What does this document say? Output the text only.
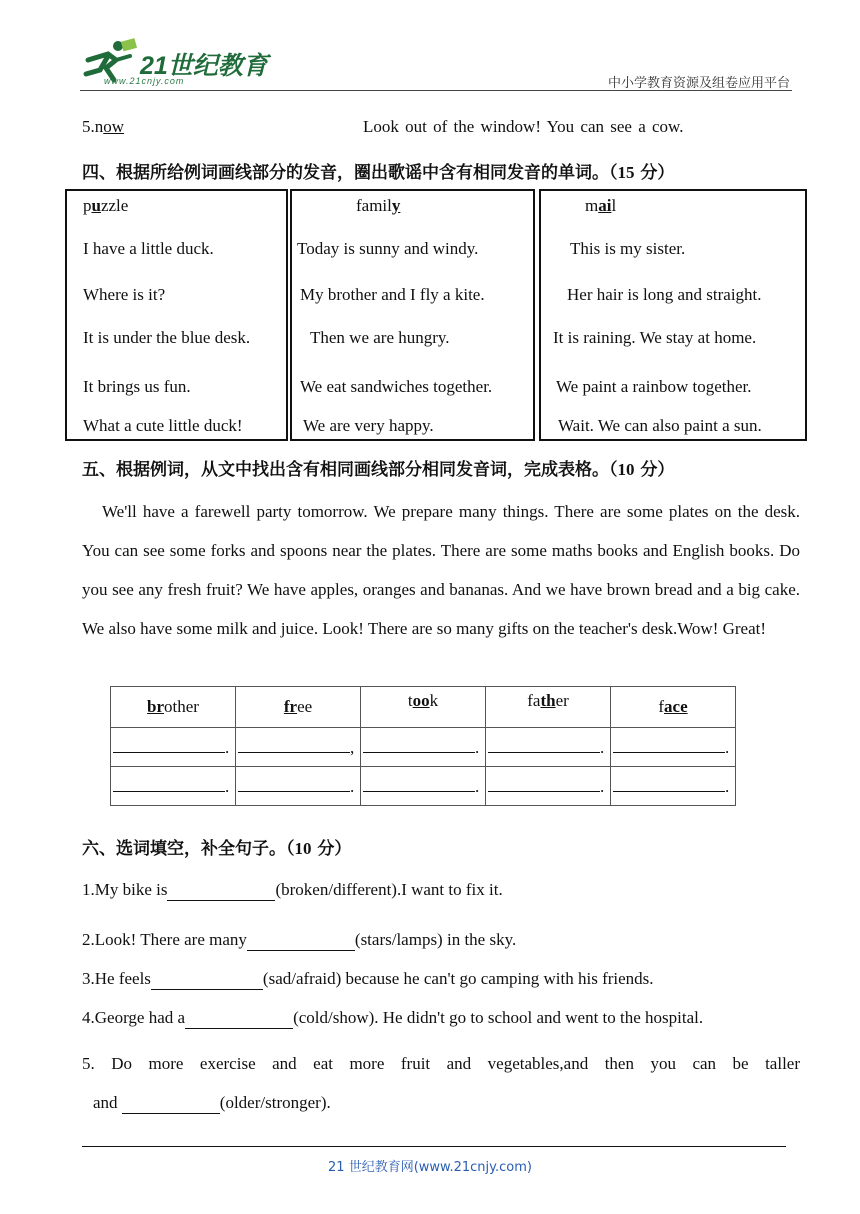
21世纪教育
www.21cnjy.com	中小学教育资源及组卷应用平台
5.now	Look out of the window! You can see a cow.
四、根据所给例词画线部分的发音，圈出歌谣中含有相同发音的单词。（15 分）
puzzle
I have a little duck.
Where is it?
It is under the blue desk.
It brings us fun.
What a cute little duck!
family
Today is sunny and windy.
My brother and I fly a kite.
Then we are hungry.
We eat sandwiches together.
We are very happy.
mail
This is my sister.
Her hair is long and straight.
It is raining. We stay at home.
We paint a rainbow together.
Wait. We can also paint a sun.
五、根据例词，从文中找出含有相同画线部分相同发音词，完成表格。（10 分）
We'll have a farewell party tomorrow. We prepare many things. There are some plates on the desk. You can see some forks and spoons near the plates. There are some maths books and English books. Do you see any fresh fruit? We have apples, oranges and bananas. And we have brown bread and a big cake. We also have some milk and juice. Look! There are so many gifts on the teacher's desk.Wow! Great!
brother	free	took	father	face
.	,	.	.	.
.	.	.	.	.
六、选词填空，补全句子。（10 分）
1.My bike is	(broken/different).I want to fix it.
2.Look! There are many	(stars/lamps) in the sky.
3.He feels	(sad/afraid) because he can't go camping with his friends.
4.George had a	(cold/show). He didn't go to school and went to the hospital.
5. Do more exercise and eat more fruit and vegetables,and then you can be taller
and	(older/stronger).
21 世纪教育网(www.21cnjy.com)
